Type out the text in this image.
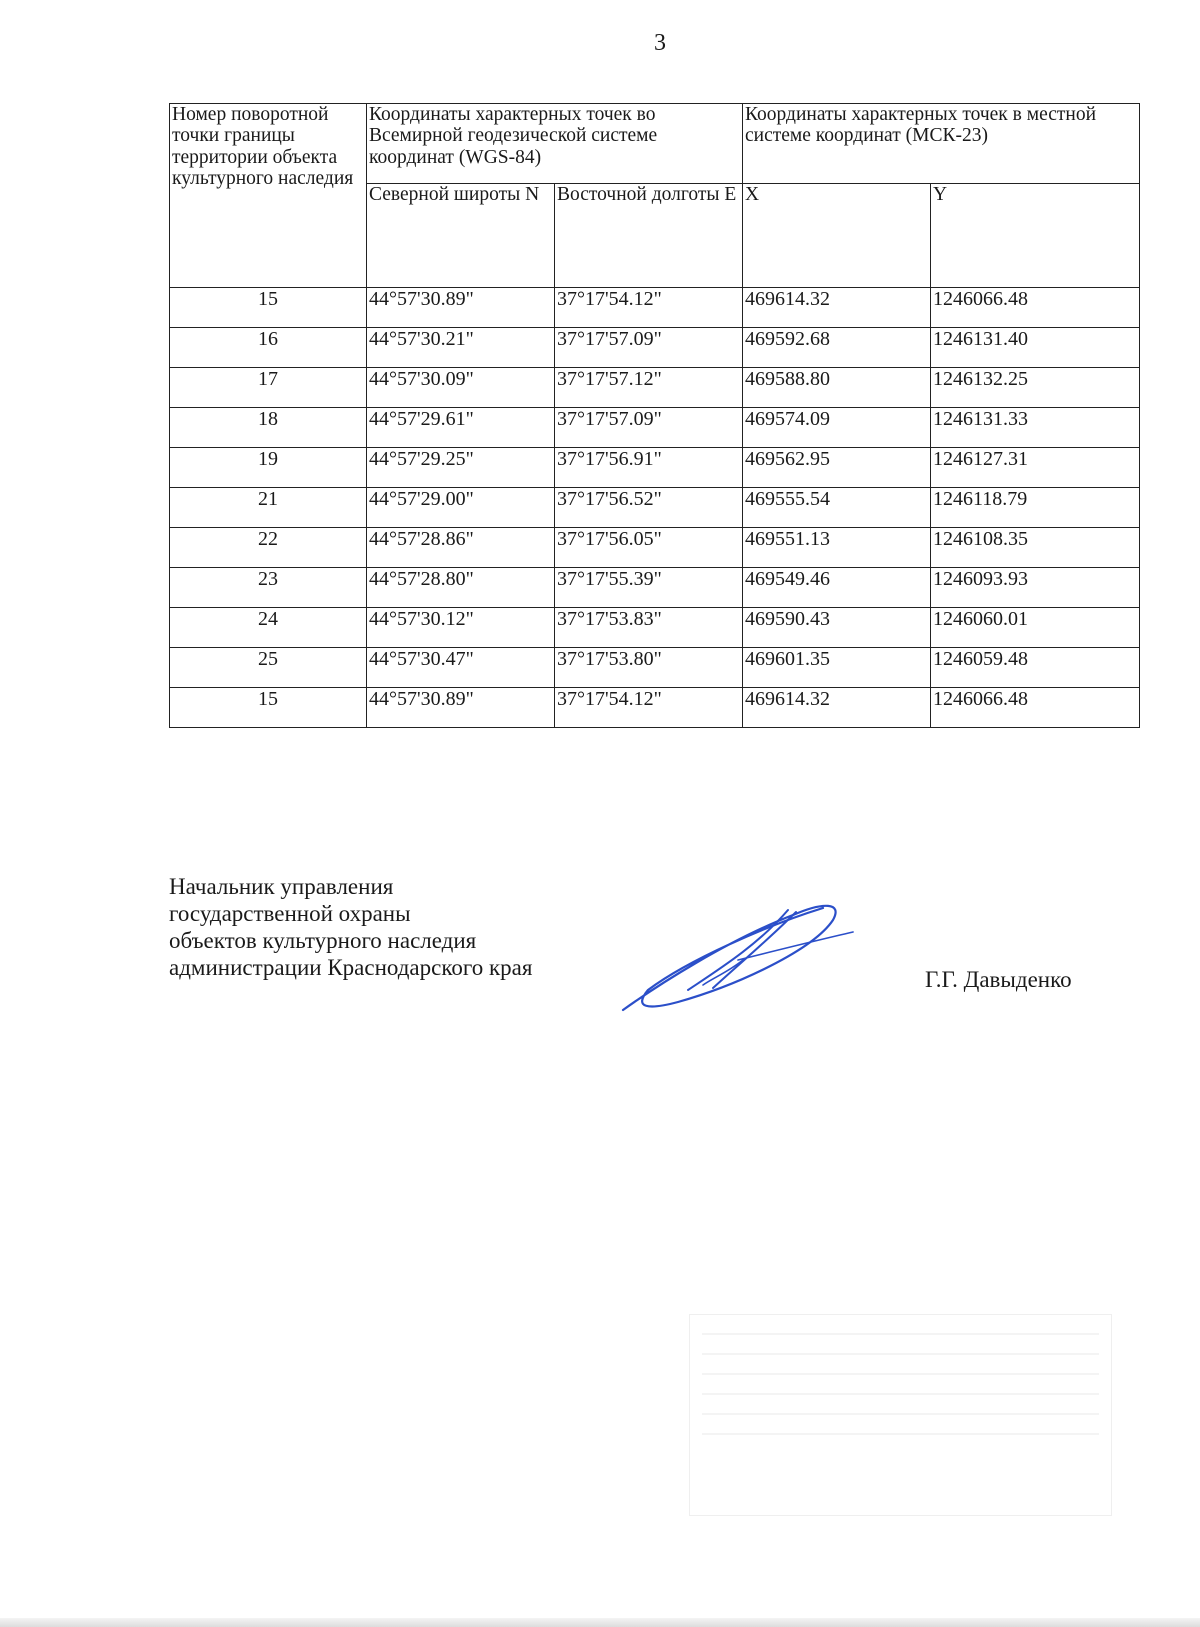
3
Номер поворотной точки границы территории объекта культурного наследия	Координаты характерных точек во Всемирной геодезической системе координат (WGS-84)		Координаты характерных точек в местной системе координат (МСК-23)	
	Северной широты N	Восточной долготы E	X	Y
15	44°57'30.89"	37°17'54.12"	469614.32	1246066.48
16	44°57'30.21"	37°17'57.09"	469592.68	1246131.40
17	44°57'30.09"	37°17'57.12"	469588.80	1246132.25
18	44°57'29.61"	37°17'57.09"	469574.09	1246131.33
19	44°57'29.25"	37°17'56.91"	469562.95	1246127.31
21	44°57'29.00"	37°17'56.52"	469555.54	1246118.79
22	44°57'28.86"	37°17'56.05"	469551.13	1246108.35
23	44°57'28.80"	37°17'55.39"	469549.46	1246093.93
24	44°57'30.12"	37°17'53.83"	469590.43	1246060.01
25	44°57'30.47"	37°17'53.80"	469601.35	1246059.48
15	44°57'30.89"	37°17'54.12"	469614.32	1246066.48
Начальник управления
государственной охраны
объектов культурного наследия
администрации Краснодарского края	Г.Г. Давыденко
